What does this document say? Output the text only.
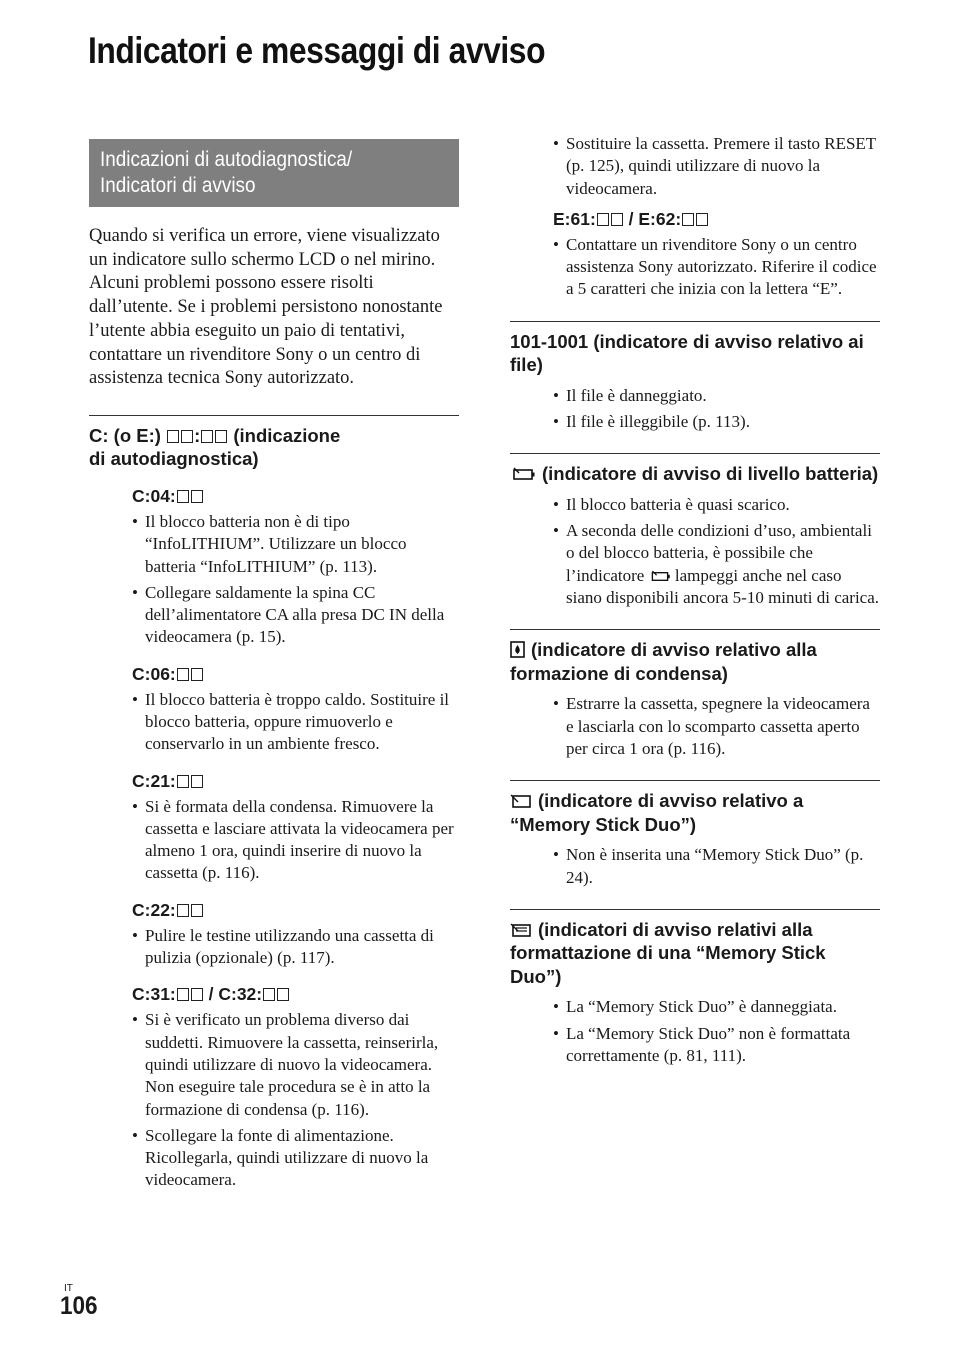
Indicatori e messaggi di avviso
Indicazioni di autodiagnostica/
Indicatori di avviso

Quando si verifica un errore, viene visualizzato un indicatore sullo schermo LCD o nel mirino.

Alcuni problemi possono essere risolti dall’utente. Se i problemi persistono nonostante l’utente abbia eseguito un paio di tentativi, contattare un rivenditore Sony o un centro di assistenza tecnica Sony autorizzato.

C: (o E:) : (indicazione
di autodiagnostica)
C:04:
• Il blocco batteria non è di tipo “InfoLITHIUM”. Utilizzare un blocco batteria “InfoLITHIUM” (p. 113).
• Collegare saldamente la spina CC dell’alimentatore CA alla presa DC IN della videocamera (p. 15).
C:06:
• Il blocco batteria è troppo caldo. Sostituire il blocco batteria, oppure rimuoverlo e conservarlo in un ambiente fresco.
C:21:
• Si è formata della condensa. Rimuovere la cassetta e lasciare attivata la videocamera per almeno 1 ora, quindi inserire di nuovo la cassetta (p. 116).
C:22:
• Pulire le testine utilizzando una cassetta di pulizia (opzionale) (p. 117).
C:31: / C:32:
• Si è verificato un problema diverso dai suddetti. Rimuovere la cassetta, reinserirla, quindi utilizzare di nuovo la videocamera. Non eseguire tale procedura se è in atto la formazione di condensa (p. 116).
• Scollegare la fonte di alimentazione. Ricollegarla, quindi utilizzare di nuovo la videocamera.
• Sostituire la cassetta. Premere il tasto RESET (p. 125), quindi utilizzare di nuovo la videocamera.
E:61: / E:62:
• Contattare un rivenditore Sony o un centro assistenza Sony autorizzato. Riferire il codice a 5 caratteri che inizia con la lettera “E”.
101-1001 (indicatore di avviso relativo ai file)
• Il file è danneggiato.
• Il file è illeggibile (p. 113).
(indicatore di avviso di livello batteria)
• Il blocco batteria è quasi scarico.
• A seconda delle condizioni d’uso, ambientali o del blocco batteria, è possibile che l’indicatore  lampeggi anche nel caso siano disponibili ancora 5-10 minuti di carica.
(indicatore di avviso relativo alla formazione di condensa)
• Estrarre la cassetta, spegnere la videocamera e lasciarla con lo scomparto cassetta aperto per circa 1 ora (p. 116).
(indicatore di avviso relativo a “Memory Stick Duo”)
• Non è inserita una “Memory Stick Duo” (p. 24).
(indicatori di avviso relativi alla formattazione di una “Memory Stick Duo”)
• La “Memory Stick Duo” è danneggiata.
• La “Memory Stick Duo” non è formattata correttamente (p. 81, 111).
IT
106
